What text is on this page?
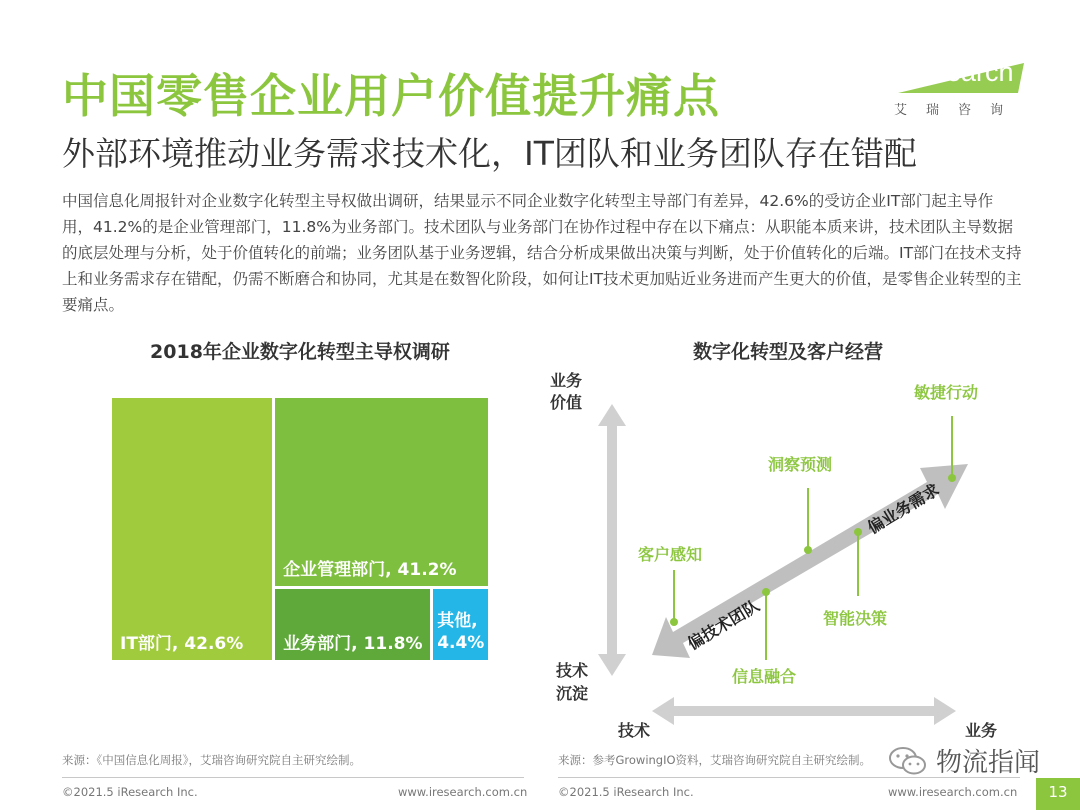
中国零售企业用户价值提升痛点
外部环境推动业务需求技术化，IT团队和业务团队存在错配
iResearch
艾瑞咨询
中国信息化周报针对企业数字化转型主导权做出调研，结果显示不同企业数字化转型主导部门有差异，42.6%的受访企业IT部门起主导作用，41.2%的是企业管理部门，11.8%为业务部门。技术团队与业务部门在协作过程中存在以下痛点：从职能本质来讲，技术团队主导数据的底层处理与分析，处于价值转化的前端；业务团队基于业务逻辑，结合分析成果做出决策与判断，处于价值转化的后端。IT部门在技术支持上和业务需求存在错配，仍需不断磨合和协同，尤其是在数智化阶段，如何让IT技术更加贴近业务进而产生更大的价值，是零售企业转型的主要痛点。
2018年企业数字化转型主导权调研
IT部门, 42.6%
企业管理部门, 41.2%
业务部门, 11.8%
其他,
4.4%
数字化转型及客户经营
业务
价值
技术
沉淀
技术	业务
偏技术团队
偏业务需求
客户感知
信息融合
洞察预测
智能决策
敏捷行动
来源：《中国信息化周报》，艾瑞咨询研究院自主研究绘制。	来源：参考GrowingIO资料，艾瑞咨询研究院自主研究绘制。
©2021.5 iResearch Inc.	www.iresearch.com.cn	©2021.5 iResearch Inc.	www.iresearch.com.cn
物流指闻
13
